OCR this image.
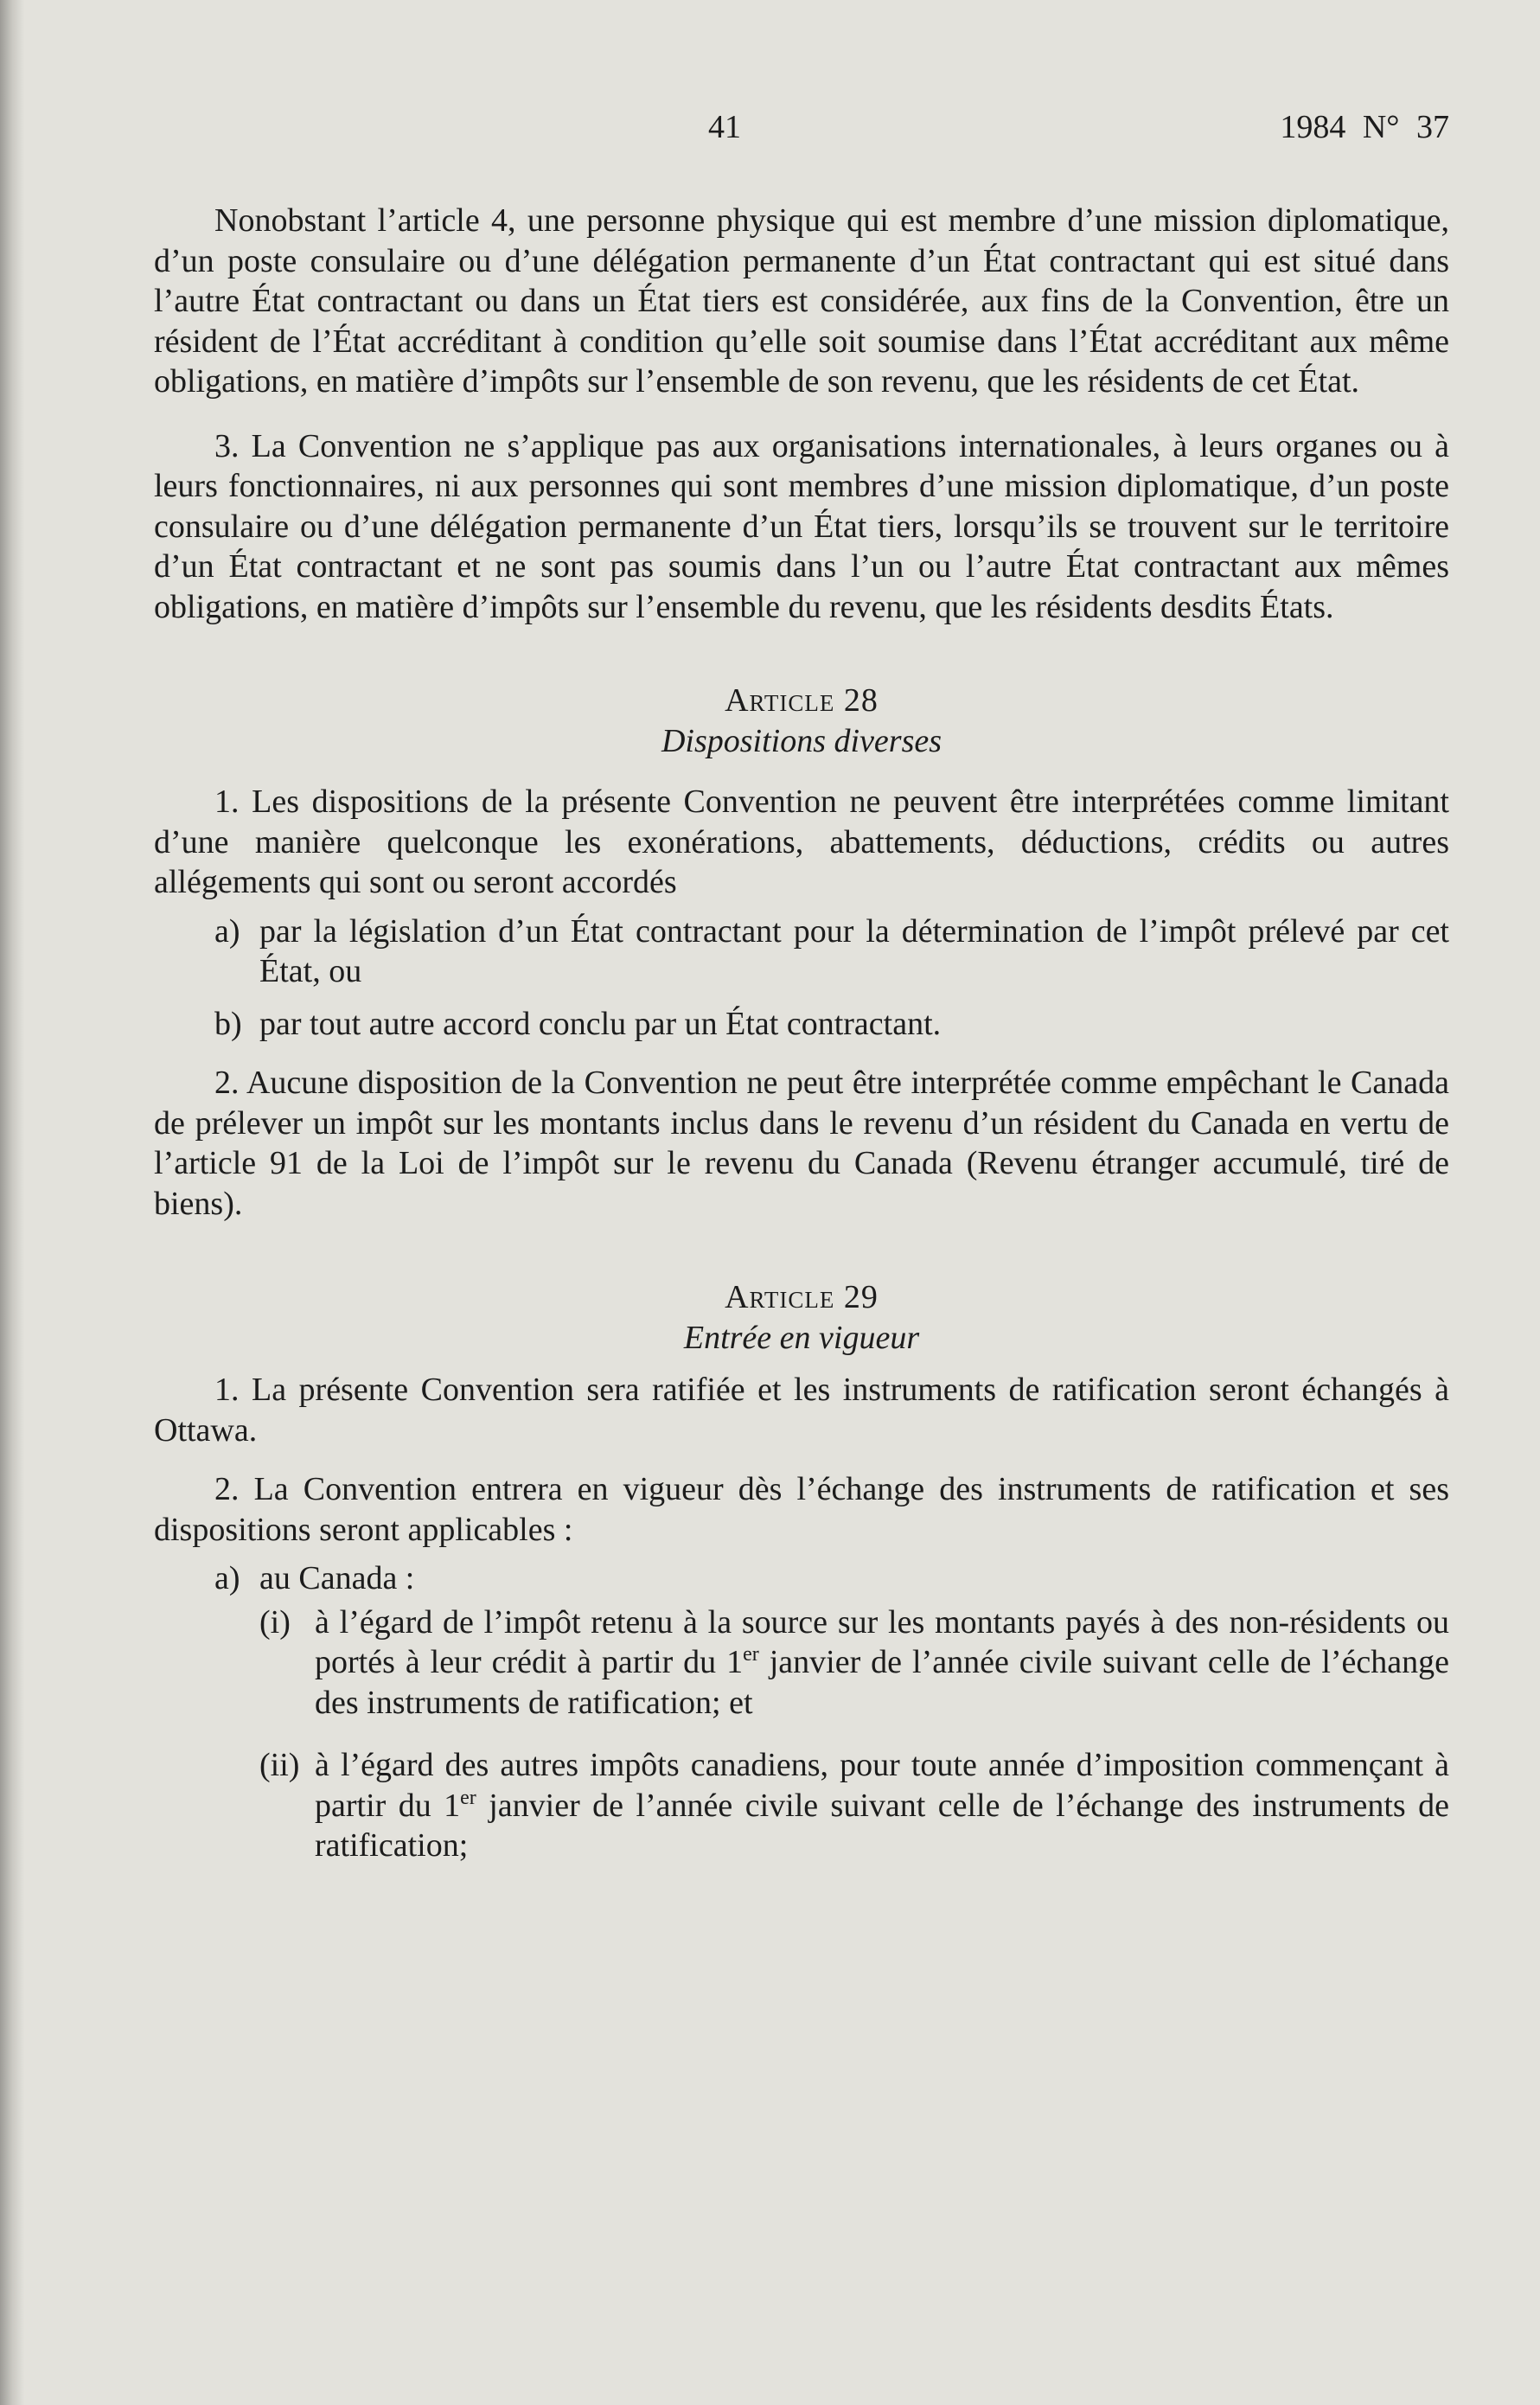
41	1984 N° 37

Nonobstant l’article 4, une personne physique qui est membre d’une mission diplomatique, d’un poste consulaire ou d’une délégation permanente d’un État contractant qui est situé dans l’autre État contractant ou dans un État tiers est considérée, aux fins de la Convention, être un résident de l’État accréditant à condition qu’elle soit soumise dans l’État accréditant aux même obligations, en matière d’impôts sur l’ensemble de son revenu, que les résidents de cet État.

3. La Convention ne s’applique pas aux organisations internationales, à leurs organes ou à leurs fonctionnaires, ni aux personnes qui sont membres d’une mission diplomatique, d’un poste consulaire ou d’une délégation permanente d’un État tiers, lorsqu’ils se trouvent sur le territoire d’un État contractant et ne sont pas soumis dans l’un ou l’autre État contractant aux mêmes obligations, en matière d’impôts sur l’ensemble du revenu, que les résidents desdits États.

Article 28
Dispositions diverses

1. Les dispositions de la présente Convention ne peuvent être interprétées comme limitant d’une manière quelconque les exonérations, abattements, déductions, crédits ou autres allégements qui sont ou seront accordés

a) par la législation d’un État contractant pour la détermination de l’impôt prélevé par cet État, ou
b) par tout autre accord conclu par un État contractant.

2. Aucune disposition de la Convention ne peut être interprétée comme empêchant le Canada de prélever un impôt sur les montants inclus dans le revenu d’un résident du Canada en vertu de l’article 91 de la Loi de l’impôt sur le revenu du Canada (Revenu étranger accumulé, tiré de biens).

Article 29
Entrée en vigueur

1. La présente Convention sera ratifiée et les instruments de ratification seront échangés à Ottawa.

2. La Convention entrera en vigueur dès l’échange des instruments de ratification et ses dispositions seront applicables :

a) au Canada :
(i) à l’égard de l’impôt retenu à la source sur les montants payés à des non-résidents ou portés à leur crédit à partir du 1er janvier de l’année civile suivant celle de l’échange des instruments de ratification; et
(ii) à l’égard des autres impôts canadiens, pour toute année d’imposition commençant à partir du 1er janvier de l’année civile suivant celle de l’échange des instruments de ratification;
